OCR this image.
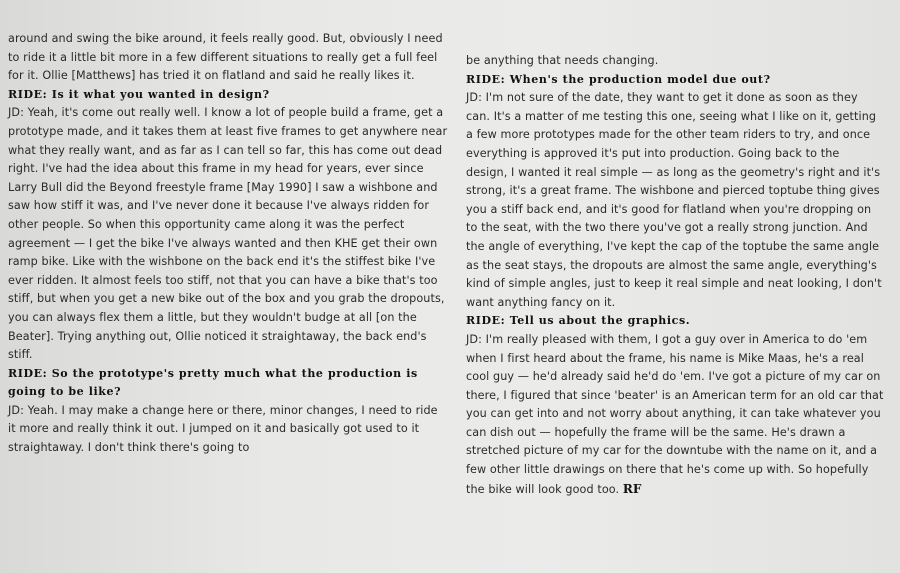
around and swing the bike around, it feels really good. But, obviously I need to ride it a little bit more in a few different situations to really get a full feel for it. Ollie [Matthews] has tried it on flatland and said he really likes it.

RIDE: Is it what you wanted in design?

JD: Yeah, it's come out really well. I know a lot of people build a frame, get a prototype made, and it takes them at least five frames to get anywhere near what they really want, and as far as I can tell so far, this has come out dead right. I've had the idea about this frame in my head for years, ever since Larry Bull did the Beyond freestyle frame [May 1990] I saw a wishbone and saw how stiff it was, and I've never done it because I've always ridden for other people. So when this opportunity came along it was the perfect agreement — I get the bike I've always wanted and then KHE get their own ramp bike. Like with the wishbone on the back end it's the stiffest bike I've ever ridden. It almost feels too stiff, not that you can have a bike that's too stiff, but when you get a new bike out of the box and you grab the dropouts, you can always flex them a little, but they wouldn't budge at all [on the Beater]. Trying anything out, Ollie noticed it straightaway, the back end's stiff.

RIDE: So the prototype's pretty much what the production is going to be like?

JD: Yeah. I may make a change here or there, minor changes, I need to ride it more and really think it out. I jumped on it and basically got used to it straightaway. I don't think there's going to

be anything that needs changing.

RIDE: When's the production model due out?

JD: I'm not sure of the date, they want to get it done as soon as they can. It's a matter of me testing this one, seeing what I like on it, getting a few more prototypes made for the other team riders to try, and once everything is approved it's put into production. Going back to the design, I wanted it real simple — as long as the geometry's right and it's strong, it's a great frame. The wishbone and pierced toptube thing gives you a stiff back end, and it's good for flatland when you're dropping on to the seat, with the two there you've got a really strong junction. And the angle of everything, I've kept the cap of the toptube the same angle as the seat stays, the dropouts are almost the same angle, everything's kind of simple angles, just to keep it real simple and neat looking, I don't want anything fancy on it.

RIDE: Tell us about the graphics.

JD: I'm really pleased with them, I got a guy over in America to do 'em when I first heard about the frame, his name is Mike Maas, he's a real cool guy — he'd already said he'd do 'em. I've got a picture of my car on there, I figured that since 'beater' is an American term for an old car that you can get into and not worry about anything, it can take whatever you can dish out — hopefully the frame will be the same. He's drawn a stretched picture of my car for the downtube with the name on it, and a few other little drawings on there that he's come up with. So hopefully the bike will look good too. RF
